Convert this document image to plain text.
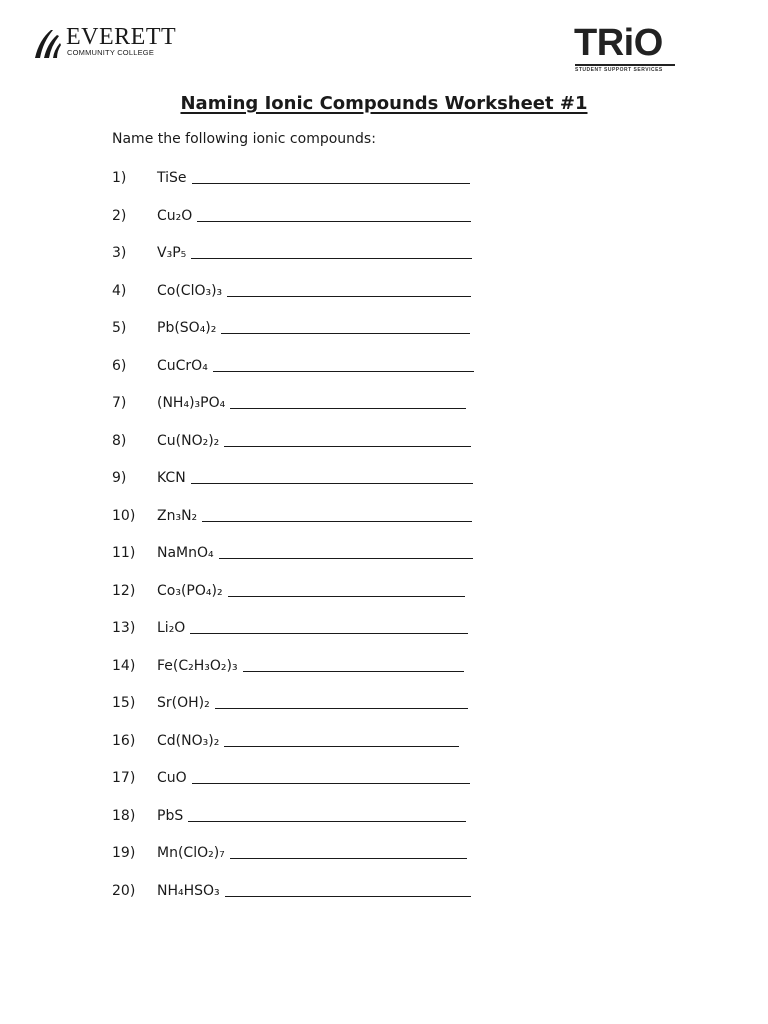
EVERETT
COMMUNITY COLLEGE	TRiO
STUDENT SUPPORT SERVICES
Naming Ionic Compounds Worksheet #1
Name the following ionic compounds:
1) TiSe
2) Cu₂O
3) V₃P₅
4) Co(ClO₃)₃
5) Pb(SO₄)₂
6) CuCrO₄
7) (NH₄)₃PO₄
8) Cu(NO₂)₂
9) KCN
10) Zn₃N₂
11) NaMnO₄
12) Co₃(PO₄)₂
13) Li₂O
14) Fe(C₂H₃O₂)₃
15) Sr(OH)₂
16) Cd(NO₃)₂
17) CuO
18) PbS
19) Mn(ClO₂)₇
20) NH₄HSO₃
